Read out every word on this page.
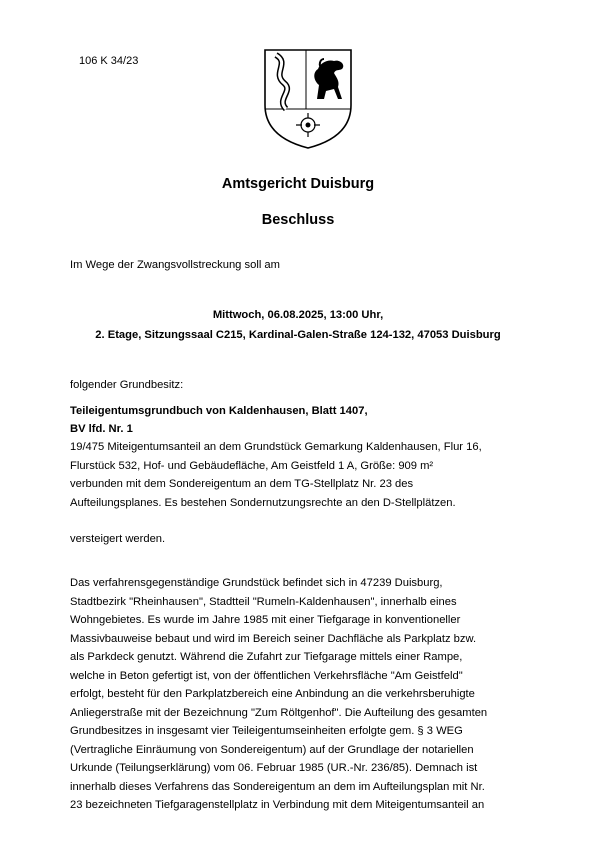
106 K 34/23
Amtsgericht Duisburg
Beschluss
Im Wege der Zwangsvollstreckung soll am
Mittwoch, 06.08.2025, 13:00 Uhr,
2. Etage, Sitzungssaal C215, Kardinal-Galen-Straße 124-132, 47053 Duisburg
folgender Grundbesitz:
Teileigentumsgrundbuch von Kaldenhausen, Blatt 1407,
BV lfd. Nr. 1
19/475 Miteigentumsanteil an dem Grundstück Gemarkung Kaldenhausen, Flur 16,
Flurstück 532, Hof- und Gebäudefläche, Am Geistfeld 1 A, Größe: 909 m²
verbunden mit dem Sondereigentum an dem TG-Stellplatz Nr. 23 des
Aufteilungsplanes. Es bestehen Sondernutzungsrechte an den D-Stellplätzen.
versteigert werden.
Das verfahrensgegenständige Grundstück befindet sich in 47239 Duisburg,
Stadtbezirk "Rheinhausen", Stadtteil "Rumeln-Kaldenhausen", innerhalb eines
Wohngebietes. Es wurde im Jahre 1985 mit einer Tiefgarage in konventioneller
Massivbauweise bebaut und wird im Bereich seiner Dachfläche als Parkplatz bzw.
als Parkdeck genutzt. Während die Zufahrt zur Tiefgarage mittels einer Rampe,
welche in Beton gefertigt ist, von der öffentlichen Verkehrsfläche "Am Geistfeld"
erfolgt, besteht für den Parkplatzbereich eine Anbindung an die verkehrsberuhigte
Anliegerstraße mit der Bezeichnung "Zum Röltgenhof". Die Aufteilung des gesamten
Grundbesitzes in insgesamt vier Teileigentumseinheiten erfolgte gem. § 3 WEG
(Vertragliche Einräumung von Sondereigentum) auf der Grundlage der notariellen
Urkunde (Teilungserklärung) vom 06. Februar 1985 (UR.-Nr. 236/85). Demnach ist
innerhalb dieses Verfahrens das Sondereigentum an dem im Aufteilungsplan mit Nr.
23 bezeichneten Tiefgaragenstellplatz in Verbindung mit dem Miteigentumsanteil an
